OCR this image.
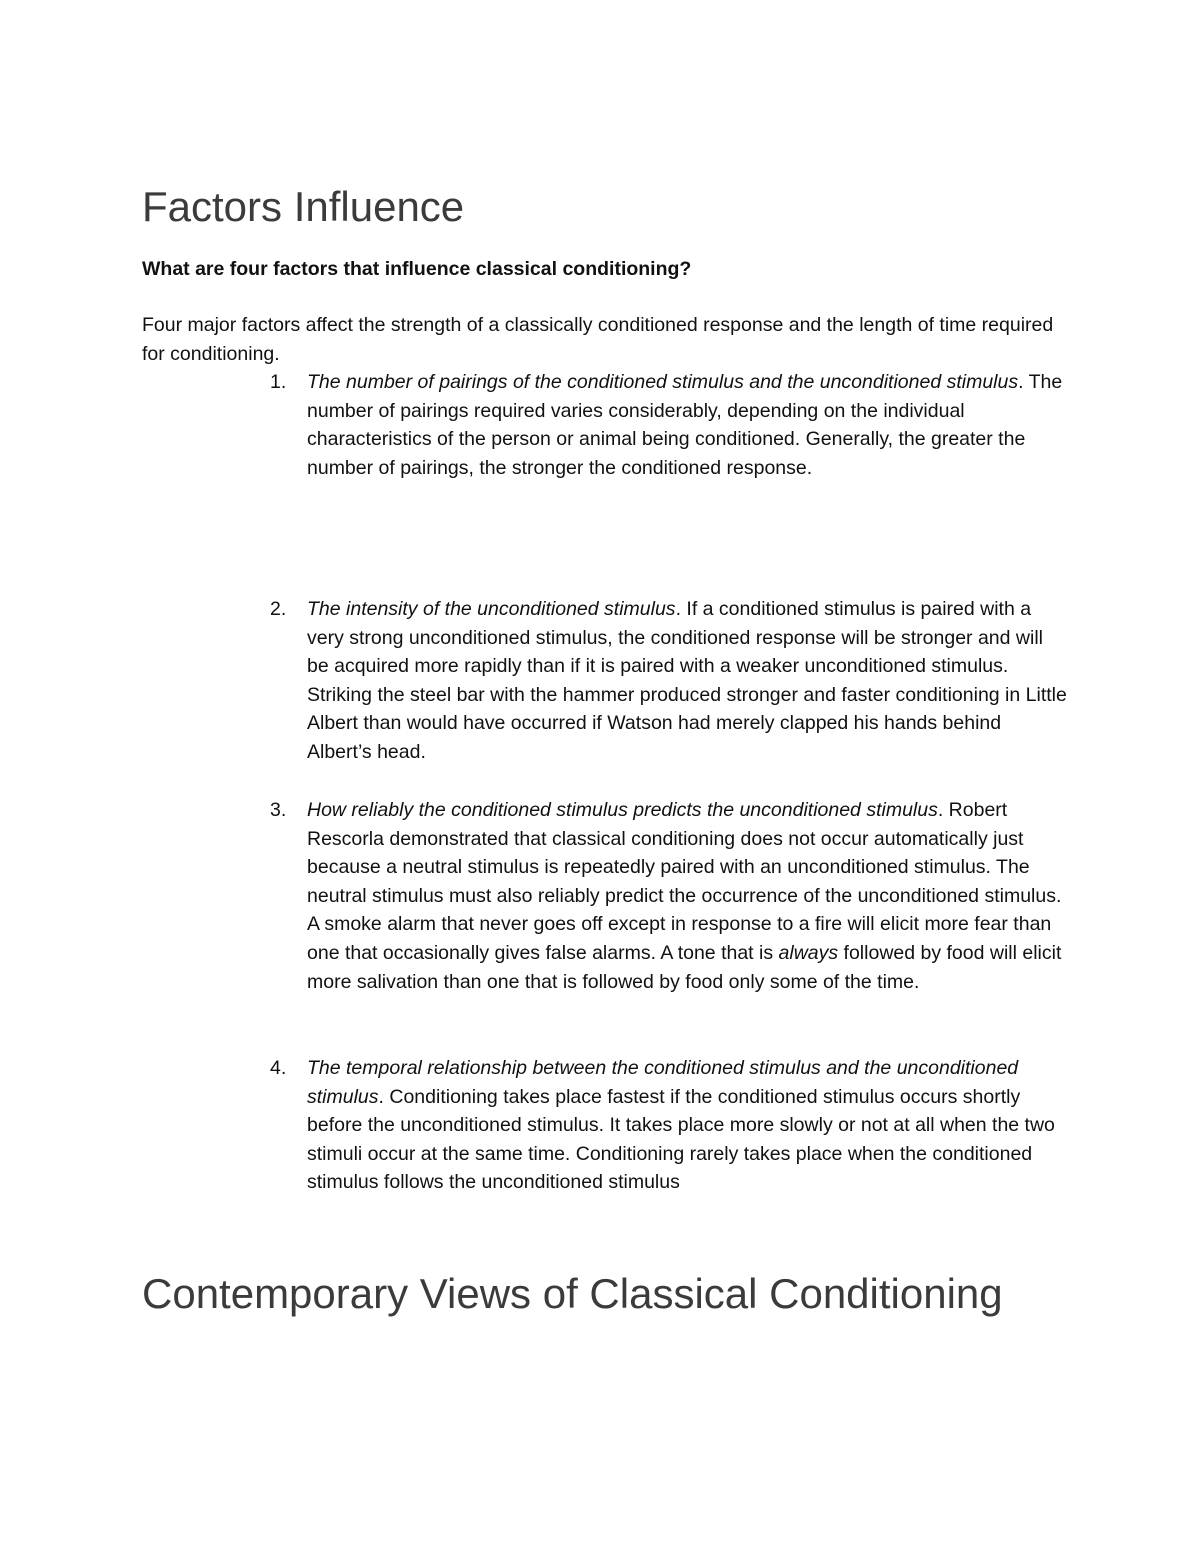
Factors Influence

What are four factors that influence classical conditioning?

Four major factors affect the strength of a classically conditioned response and the length of time required for conditioning.

1.	The number of pairings of the conditioned stimulus and the unconditioned stimulus. The number of pairings required varies considerably, depending on the individual characteristics of the person or animal being conditioned. Generally, the greater the number of pairings, the stronger the conditioned response.
2.	The intensity of the unconditioned stimulus. If a conditioned stimulus is paired with a very strong unconditioned stimulus, the conditioned response will be stronger and will be acquired more rapidly than if it is paired with a weaker unconditioned stimulus. Striking the steel bar with the hammer produced stronger and faster conditioning in Little Albert than would have occurred if Watson had merely clapped his hands behind Albert’s head.
3.	How reliably the conditioned stimulus predicts the unconditioned stimulus. Robert Rescorla demonstrated that classical conditioning does not occur automatically just because a neutral stimulus is repeatedly paired with an unconditioned stimulus. The neutral stimulus must also reliably predict the occurrence of the unconditioned stimulus. A smoke alarm that never goes off except in response to a fire will elicit more fear than one that occasionally gives false alarms. A tone that is always followed by food will elicit more salivation than one that is followed by food only some of the time.
4.	The temporal relationship between the conditioned stimulus and the unconditioned stimulus. Conditioning takes place fastest if the conditioned stimulus occurs shortly before the unconditioned stimulus. It takes place more slowly or not at all when the two stimuli occur at the same time. Conditioning rarely takes place when the conditioned stimulus follows the unconditioned stimulus
Contemporary Views of Classical Conditioning
